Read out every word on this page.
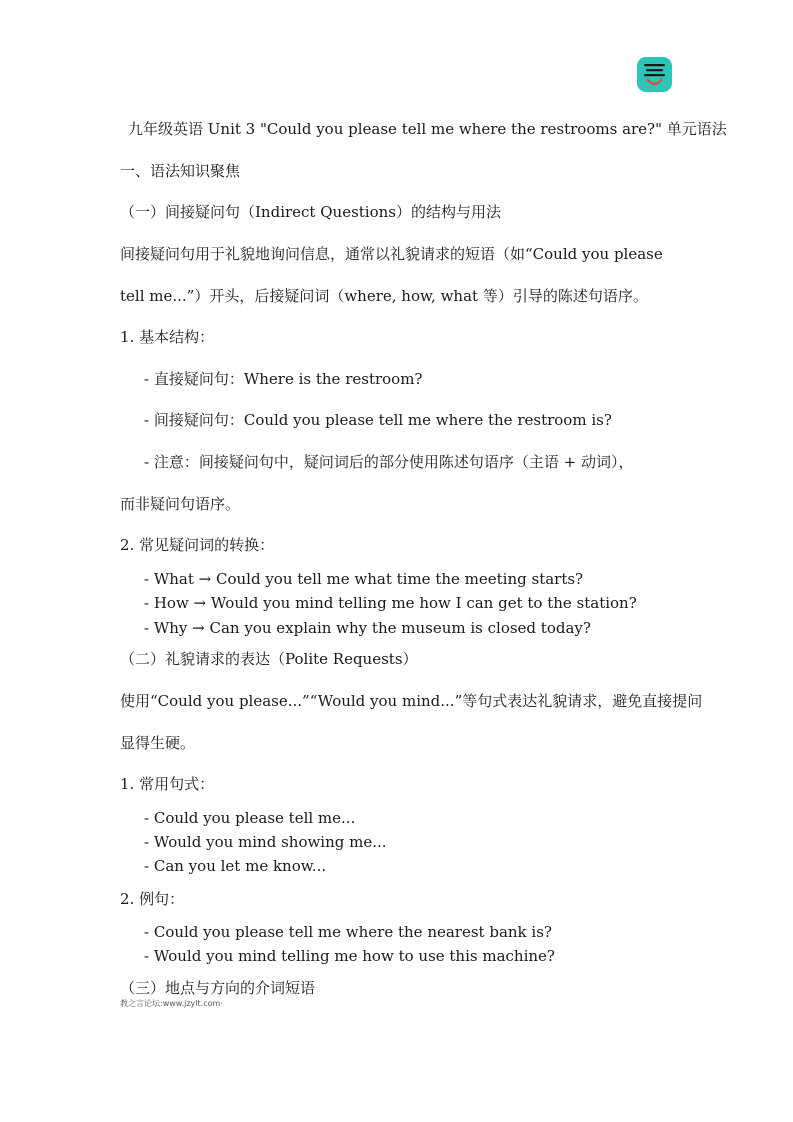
九年级英语 Unit 3 "Could you please tell me where the restrooms are?" 单元语法
一、语法知识聚焦
（一）间接疑问句（Indirect Questions）的结构与用法
间接疑问句用于礼貌地询问信息，通常以礼貌请求的短语（如“Could you please
tell me...”）开头，后接疑问词（where, how, what 等）引导的陈述句语序。
1. 基本结构：
- 直接疑问句：Where is the restroom?
- 间接疑问句：Could you please tell me where the restroom is?
- 注意：间接疑问句中，疑问词后的部分使用陈述句语序（主语 + 动词），
而非疑问句语序。
2. 常见疑问词的转换：
- What → Could you tell me what time the meeting starts?
- How → Would you mind telling me how I can get to the station?
- Why → Can you explain why the museum is closed today?
（二）礼貌请求的表达（Polite Requests）
使用“Could you please...”“Would you mind...”等句式表达礼貌请求，避免直接提问
显得生硬。
1. 常用句式：
- Could you please tell me...
- Would you mind showing me...
- Can you let me know...
2. 例句：
- Could you please tell me where the nearest bank is?
- Would you mind telling me how to use this machine?
（三）地点与方向的介词短语
教之言论坛:www.jzylt.com·
